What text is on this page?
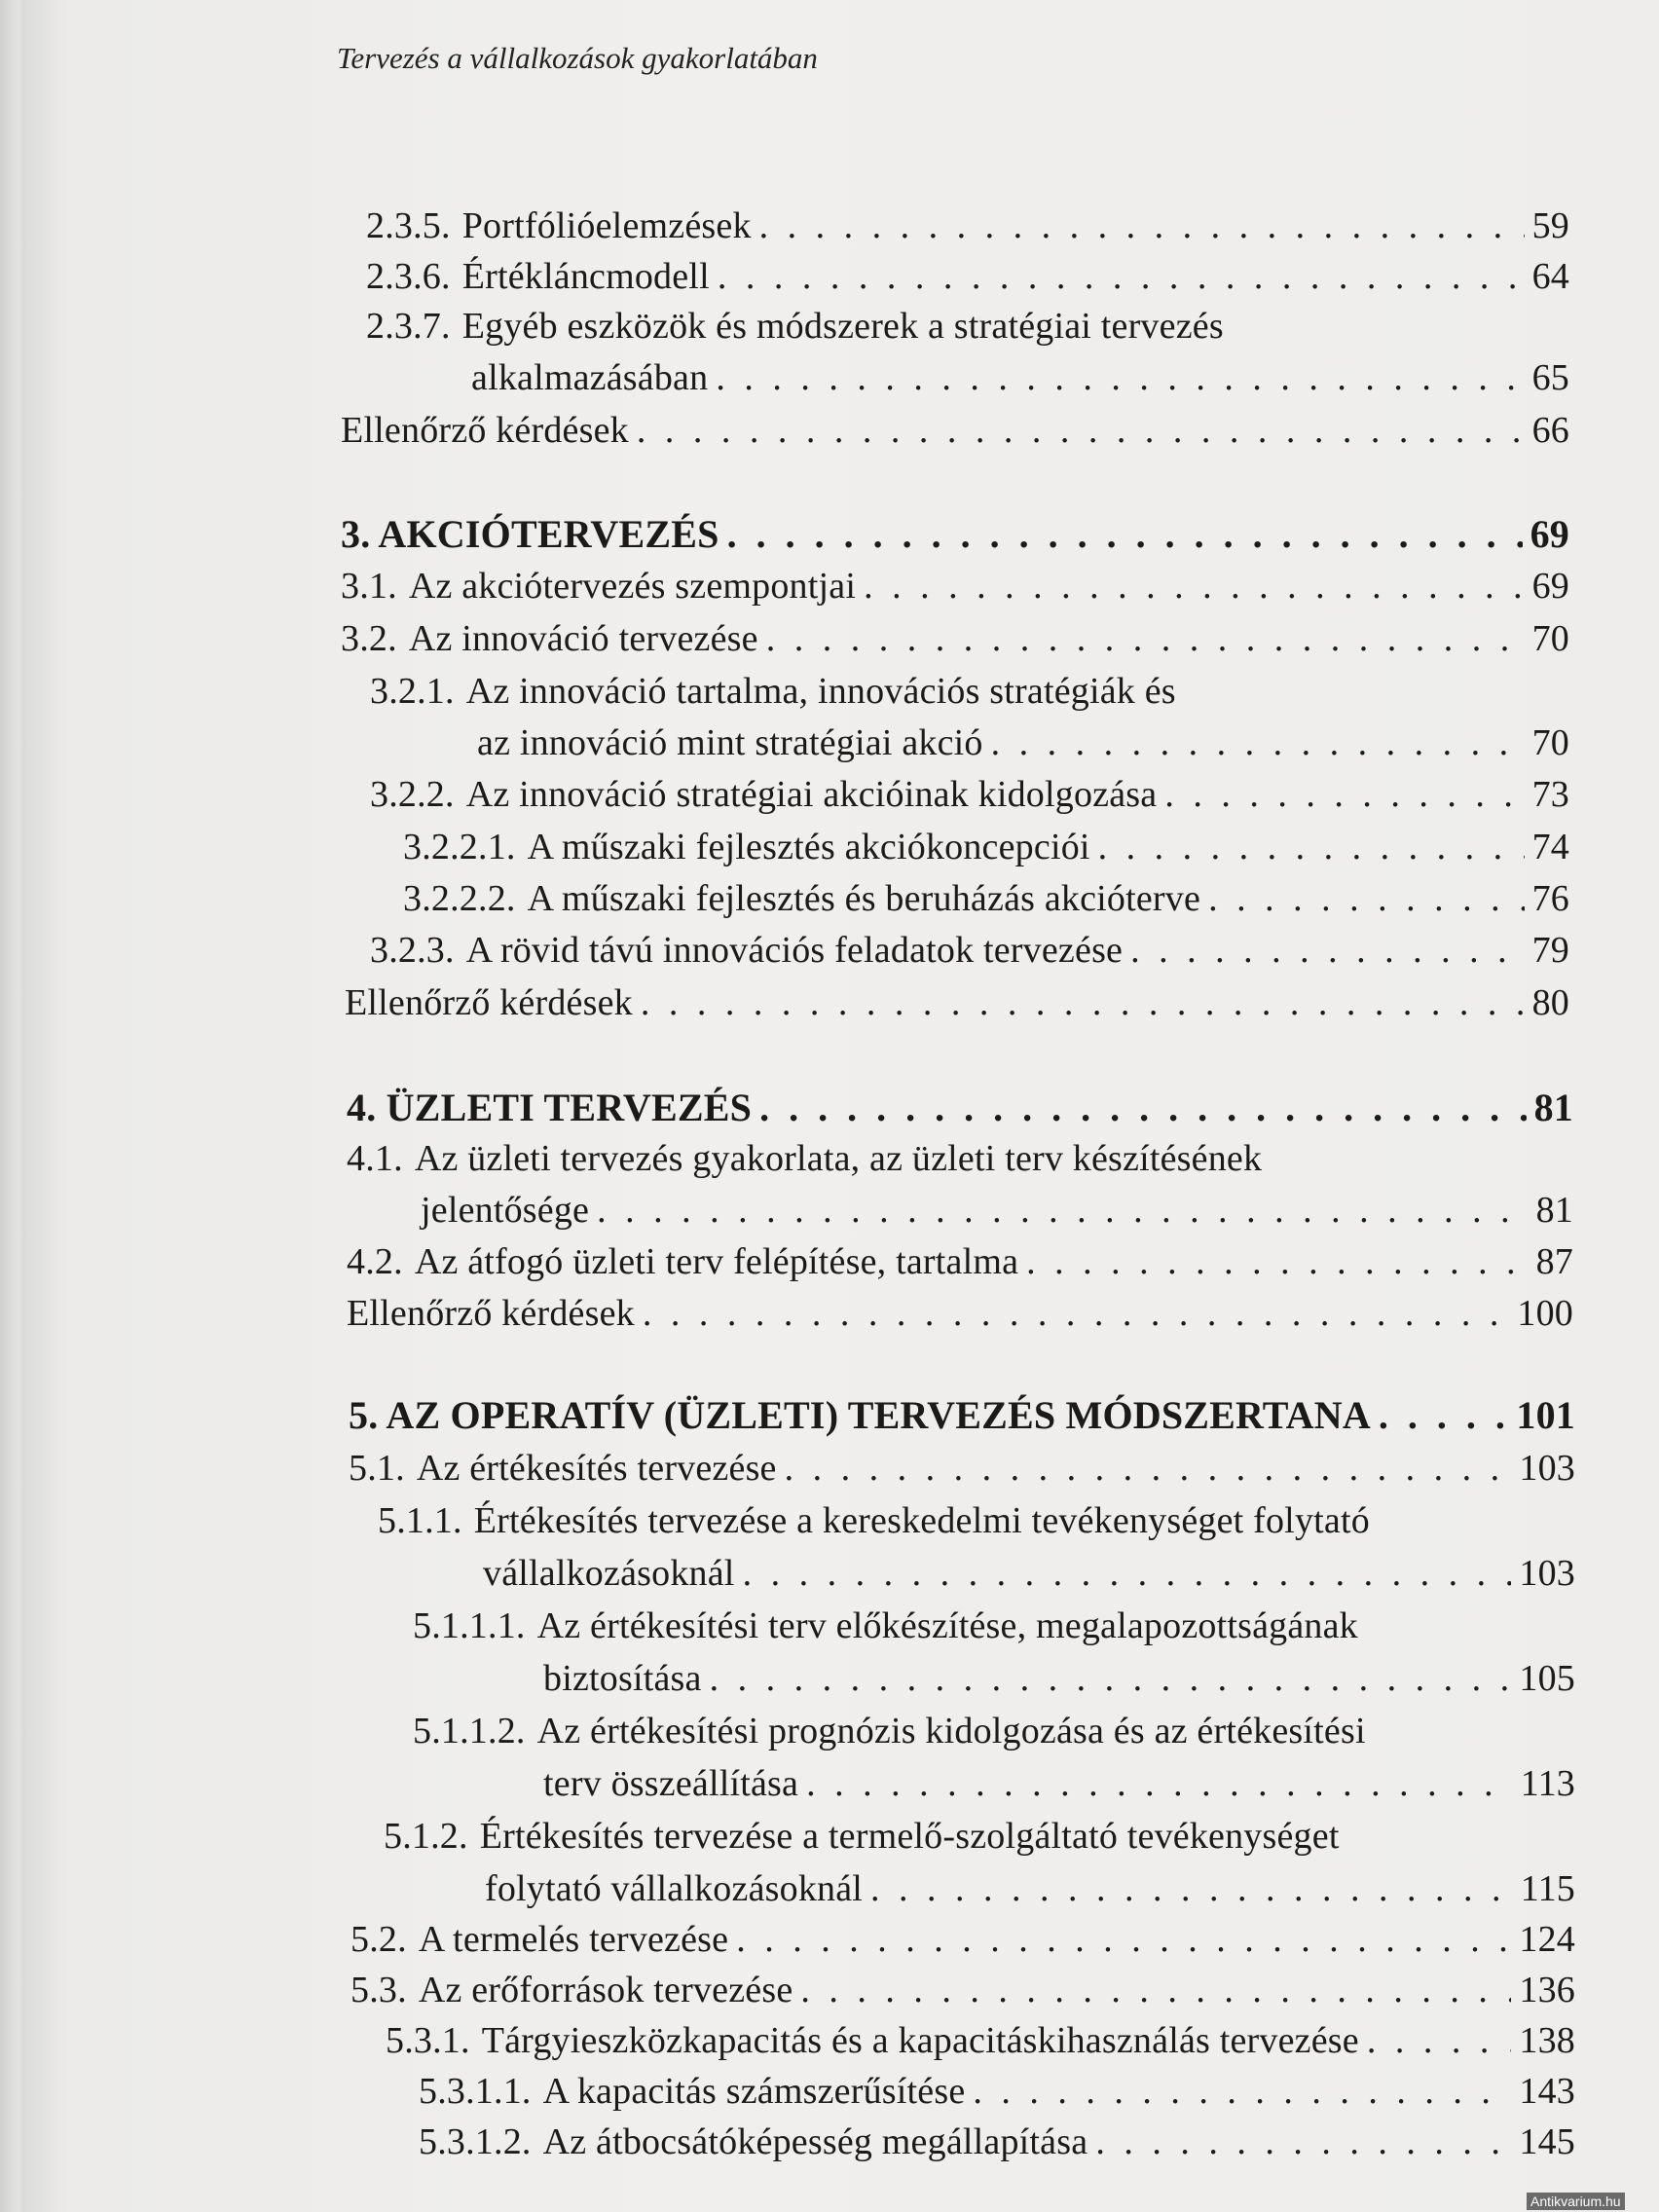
Tervezés a vállalkozások gyakorlatában
2.3.5. Portfólióelemzések . . .	59
2.3.6. Értékláncmodell . . .	64
2.3.7. Egyéb eszközök és módszerek a stratégiai tervezés
alkalmazásában . . .	65
Ellenőrző kérdések . . .	66
3. AKCIÓTERVEZÉS . . .	69
3.1. Az akciótervezés szempontjai . . .	69
3.2. Az innováció tervezése . . .	70
3.2.1. Az innováció tartalma, innovációs stratégiák és
az innováció mint stratégiai akció . . .	70
3.2.2. Az innováció stratégiai akcióinak kidolgozása . . .	73
3.2.2.1. A műszaki fejlesztés akciókoncepciói . . .	74
3.2.2.2. A műszaki fejlesztés és beruházás akcióterve . . .	76
3.2.3. A rövid távú innovációs feladatok tervezése . . .	79
Ellenőrző kérdések . . .	80
4. ÜZLETI TERVEZÉS . . .	81
4.1. Az üzleti tervezés gyakorlata, az üzleti terv készítésének
jelentősége . . .	81
4.2. Az átfogó üzleti terv felépítése, tartalma . . .	87
Ellenőrző kérdések . . .	100
5. AZ OPERATÍV (ÜZLETI) TERVEZÉS MÓDSZERTANA . . .	101
5.1. Az értékesítés tervezése . . .	103
5.1.1. Értékesítés tervezése a kereskedelmi tevékenységet folytató
vállalkozásoknál . . .	103
5.1.1.1. Az értékesítési terv előkészítése, megalapozottságának
biztosítása . . .	105
5.1.1.2. Az értékesítési prognózis kidolgozása és az értékesítési
terv összeállítása . . .	113
5.1.2. Értékesítés tervezése a termelő-szolgáltató tevékenységet
folytató vállalkozásoknál . . .	115
5.2. A termelés tervezése . . .	124
5.3. Az erőforrások tervezése . . .	136
5.3.1. Tárgyieszközkapacitás és a kapacitáskihasználás tervezése . . .	138
5.3.1.1. A kapacitás számszerűsítése . . .	143
5.3.1.2. Az átbocsátóképesség megállapítása . . .	145
Antikvarium.hu
